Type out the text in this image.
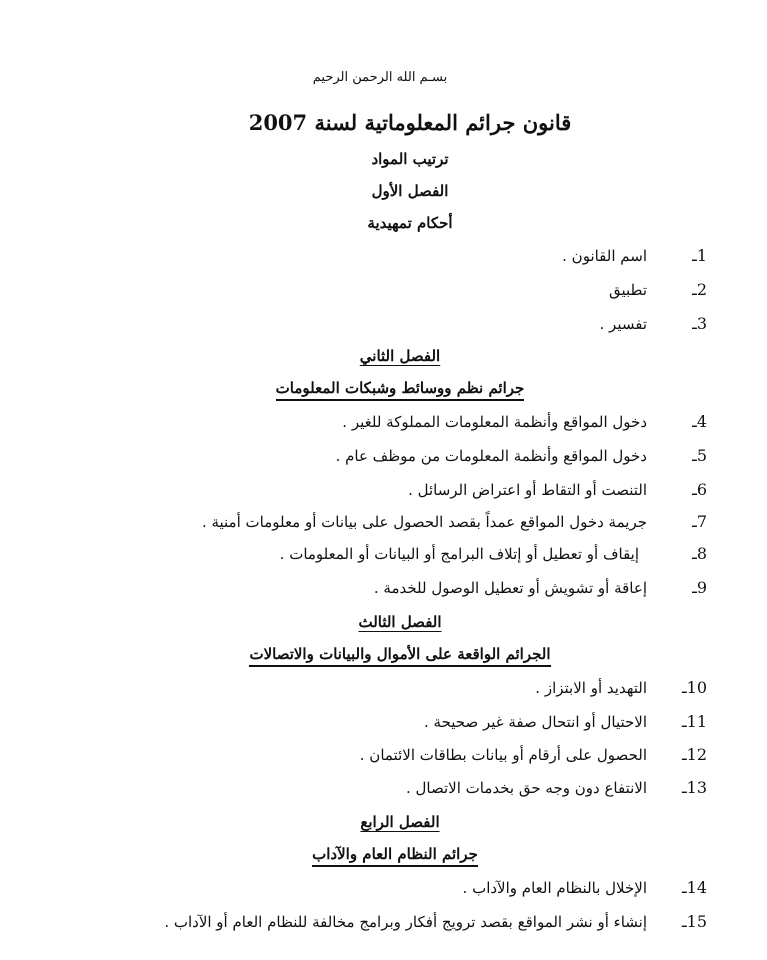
بسـم الله الرحمن الرحيم
قانون جرائم المعلوماتية لسنة 2007
ترتيب المواد
الفصل الأول
أحكام تمهيدية
1ـ
اسم القانون .
2ـ
تطبيق
3ـ
تفسير .
الفصل الثاني
جرائم نظم ووسائط وشبكات المعلومات
4ـ
دخول المواقع وأنظمة المعلومات المملوكة للغير .
5ـ
دخول المواقع وأنظمة المعلومات من موظف عام .
6ـ
التنصت أو التقاط أو اعتراض الرسائل .
7ـ
جريمة دخول المواقع عمداً بقصد الحصول على بيانات أو معلومات أمنية .
8ـ
إيقاف أو تعطيل أو إتلاف البرامج أو البيانات أو المعلومات .
9ـ
إعاقة أو تشويش أو تعطيل الوصول للخدمة .
الفصل الثالث
الجرائم الواقعة على الأموال والبيانات والاتصالات
10ـ
التهديد أو الابتزاز .
11ـ
الاحتيال أو انتحال صفة غير صحيحة .
12ـ
الحصول على أرقام أو بيانات بطاقات الائتمان .
13ـ
الانتفاع دون وجه حق بخدمات الاتصال .
الفصل الرابع
جرائم النظام العام والآداب
14ـ
الإخلال بالنظام العام والآداب .
15ـ
إنشاء أو نشر المواقع بقصد ترويج أفكار وبرامج مخالفة للنظام العام أو الآداب .
